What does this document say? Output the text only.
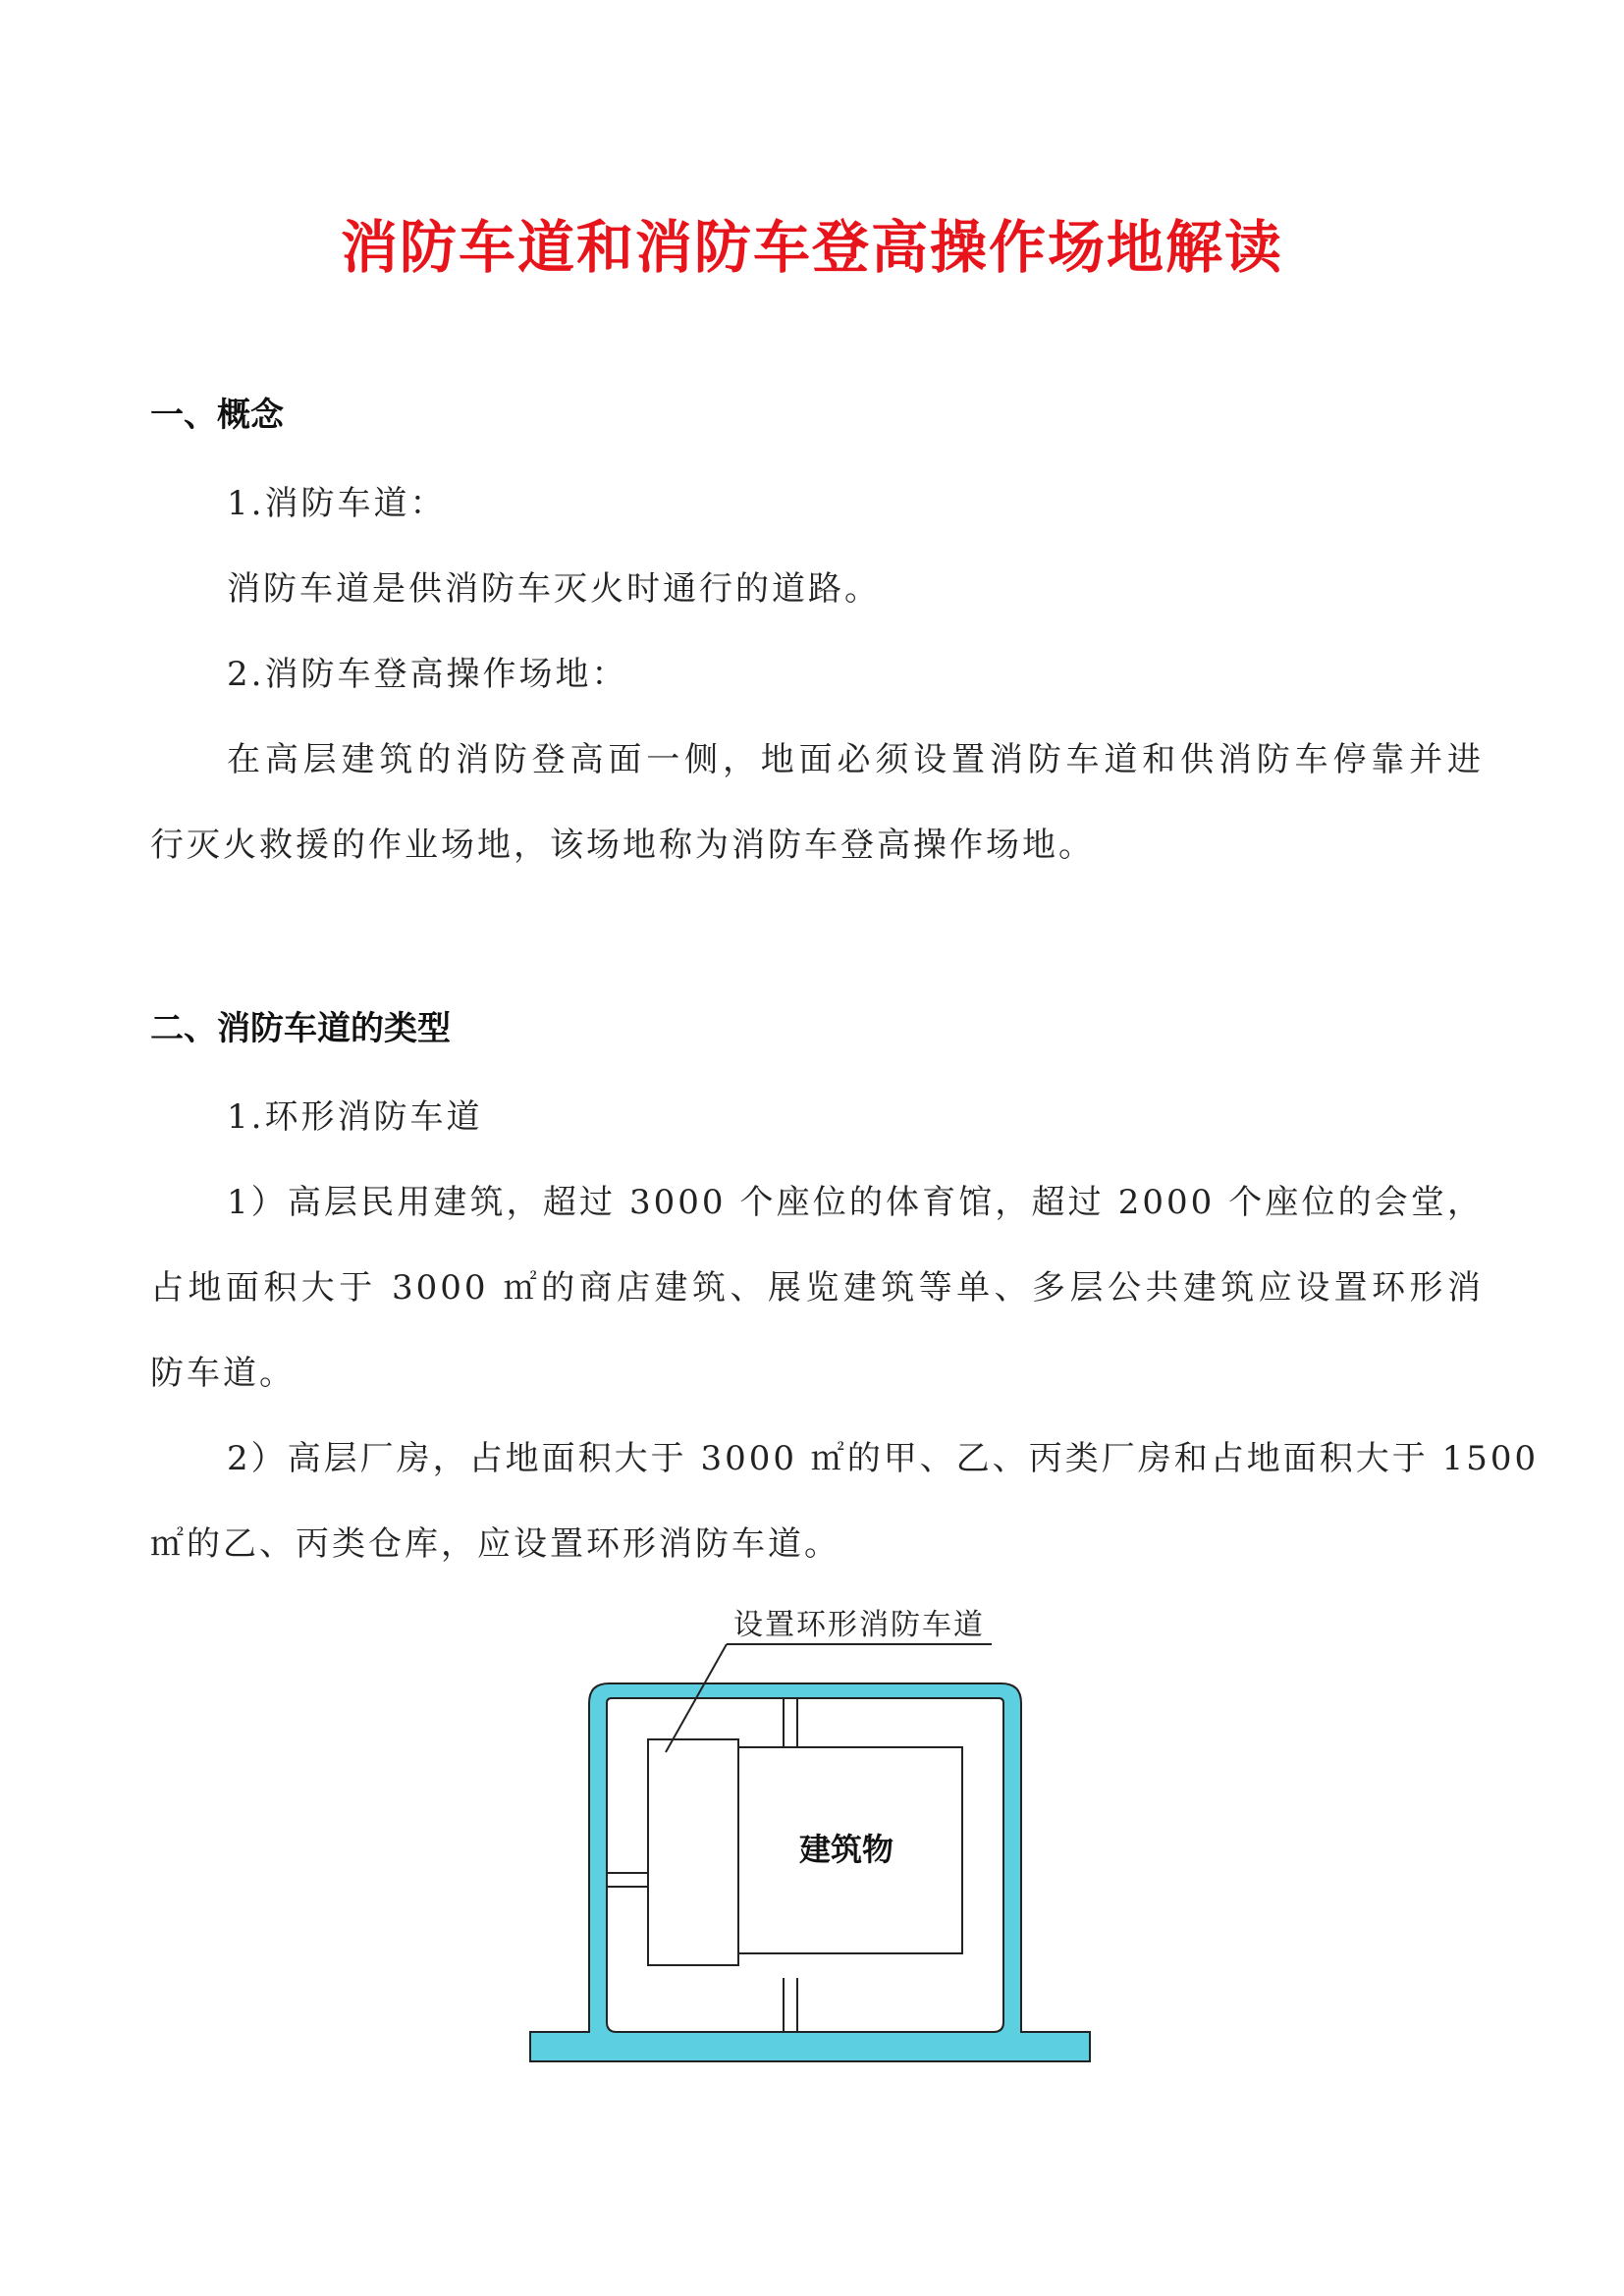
消防车道和消防车登高操作场地解读
一、概念
1.消防车道：
消防车道是供消防车灭火时通行的道路。
2.消防车登高操作场地：
在高层建筑的消防登高面一侧，地面必须设置消防车道和供消防车停靠并进
行灭火救援的作业场地，该场地称为消防车登高操作场地。
二、消防车道的类型
1.环形消防车道
1）高层民用建筑，超过 3000 个座位的体育馆，超过 2000 个座位的会堂，
占地面积大于 3000 ㎡的商店建筑、展览建筑等单、多层公共建筑应设置环形消
防车道。
2）高层厂房，占地面积大于 3000 ㎡的甲、乙、丙类厂房和占地面积大于 1500
㎡的乙、丙类仓库，应设置环形消防车道。
建筑物
设置环形消防车道
